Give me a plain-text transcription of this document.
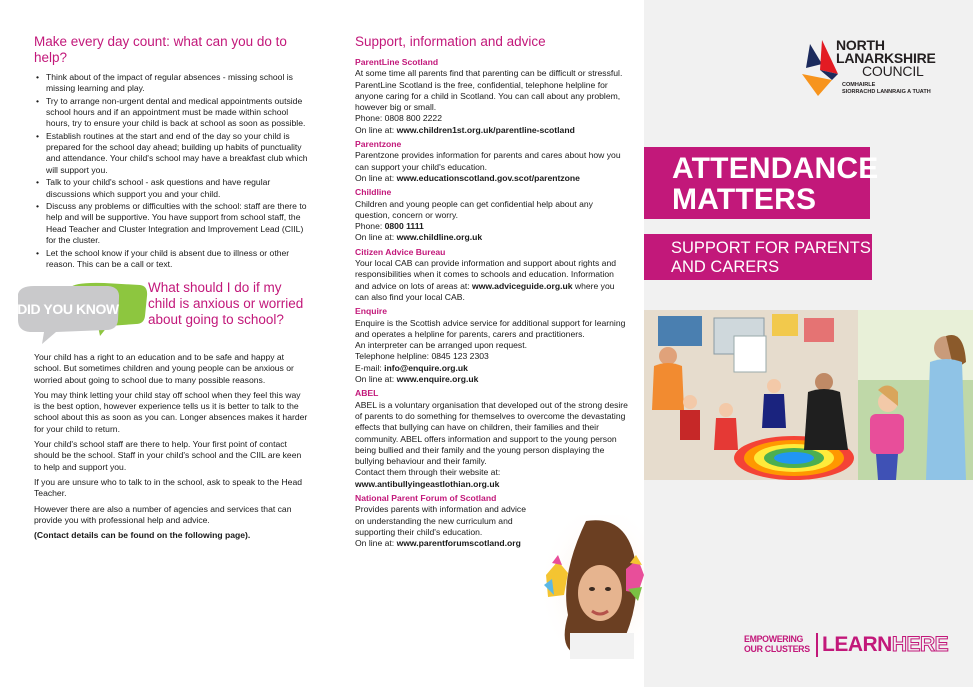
Make every day count: what can you do to help?
• Think about of the impact of regular absences - missing school is missing learning and play.
• Try to arrange non-urgent dental and medical appointments outside school hours and if an appointment must be made within school hours, try to ensure your child is back at school as soon as possible.
• Establish routines at the start and end of the day so your child is prepared for the school day ahead; building up habits of punctuality and attendance. Your child's school may have a breakfast club which will support you.
• Talk to your child's school - ask questions and have regular discussions which support you and your child.
• Discuss any problems or difficulties with the school: staff are there to help and will be supportive. You have support from school staff, the Head Teacher and Cluster Integration and Improvement Lead (CIIL) for the cluster.
• Let the school know if your child is absent due to illness or other reason. This can be a call or text.
DID YOU KNOW
What should I do if my child is anxious or worried about going to school?

Your child has a right to an education and to be safe and happy at school. But sometimes children and young people can be anxious or worried about going to school due to many possible reasons.

You may think letting your child stay off school when they feel this way is the best option, however experience tells us it is better to talk to the school about this as soon as you can. Longer absences makes it harder for your child to return.

Your child's school staff are there to help. Your first point of contact should be the school. Staff in your child's school and the CIIL are keen to help and support you.

If you are unsure who to talk to in the school, ask to speak to the Head Teacher.

However there are also a number of agencies and services that can provide you with professional help and advice.

(Contact details can be found on the following page).

Support, information and advice
ParentLine Scotland
At some time all parents find that parenting can be difficult or stressful. ParentLine Scotland is the free, confidential, telephone helpline for anyone caring for a child in Scotland. You can call about any problem, however big or small.
Phone: 0808 800 2222
On line at: www.children1st.org.uk/parentline-scotland
Parentzone
Parentzone provides information for parents and cares about how you can support your child's education.
On line at: www.educationscotland.gov.scot/parentzone
Childline
Children and young people can get confidential help about any question, concern or worry.
Phone: 0800 1111
On line at: www.childline.org.uk
Citizen Advice Bureau
Your local CAB can provide information and support about rights and responsibilities when it comes to schools and education. Information and advice on lots of areas at: www.adviceguide.org.uk where you can also find your local CAB.
Enquire
Enquire is the Scottish advice service for additional support for learning and operates a helpline for parents, carers and practitioners.
An interpreter can be arranged upon request.
Telephone helpline: 0845 123 2303
E-mail: info@enquire.org.uk
On line at: www.enquire.org.uk
ABEL
ABEL is a voluntary organisation that developed out of the strong desire of parents to do something for themselves to overcome the devastating effects that bullying can have on children, their families and their community. ABEL offers information and support to the young person being bullied and their family and the young person displaying the bullying behaviour and their family.
Contact them through their website at:
www.antibullyingeastlothian.org.uk
National Parent Forum of Scotland
Provides parents with information and advice on understanding the new curriculum and supporting their child's education.
On line at: www.parentforumscotland.org
NORTH
LANARKSHIRE
COUNCIL
COMHAIRLE
SIORRACHD LANNRAIG A TUATH
ATTENDANCE
MATTERS
SUPPORT FOR PARENTS
AND CARERS
EMPOWERING
OUR CLUSTERS LEARNHERE
